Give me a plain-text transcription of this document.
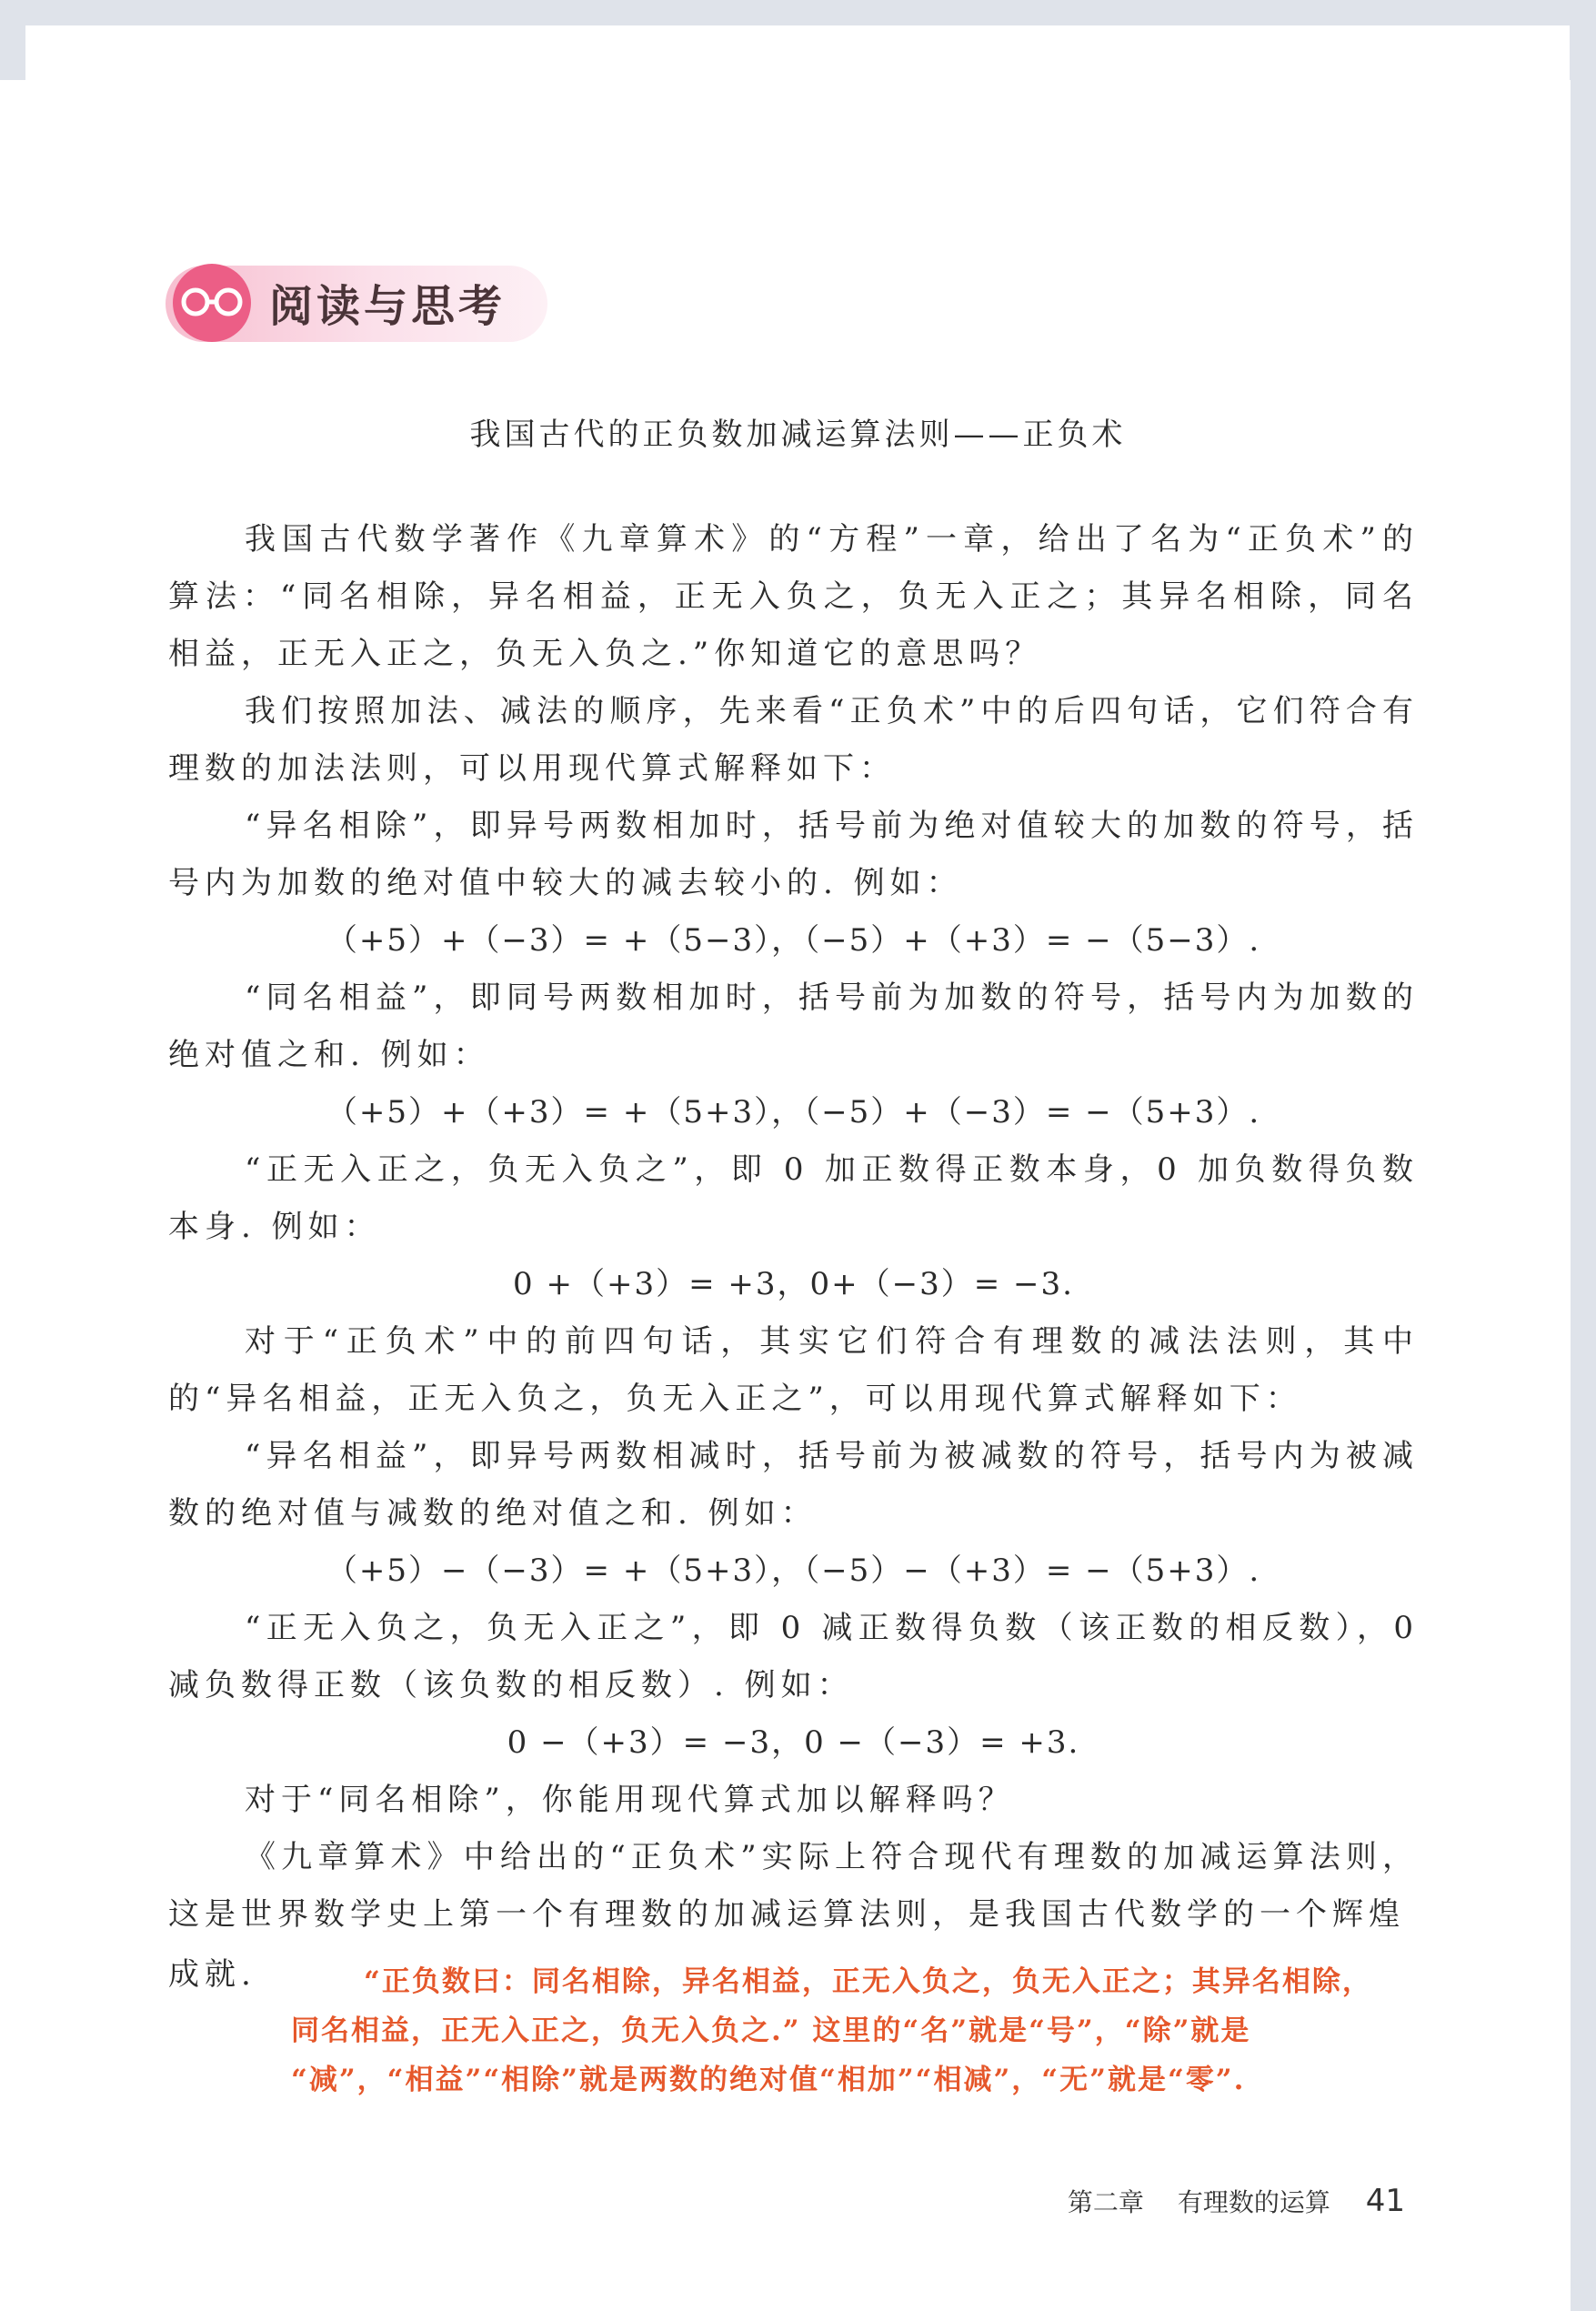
阅读与思考
我国古代的正负数加减运算法则——正负术

我国古代数学著作《九章算术》的“方程”一章，给出了名为“正负术”的算法：“同名相除，异名相益，正无入负之，负无入正之；其异名相除，同名相益，正无入正之，负无入负之.”你知道它的意思吗？

我们按照加法、减法的顺序，先来看“正负术”中的后四句话，它们符合有理数的加法法则，可以用现代算式解释如下：

“异名相除”，即异号两数相加时，括号前为绝对值较大的加数的符号，括号内为加数的绝对值中较大的减去较小的. 例如：

（+5）+（−3）= +（5−3），（−5）+（+3）= −（5−3）.

“同名相益”，即同号两数相加时，括号前为加数的符号，括号内为加数的绝对值之和. 例如：

（+5）+（+3）= +（5+3），（−5）+（−3）= −（5+3）.

“正无入正之，负无入负之”，即 0 加正数得正数本身，0 加负数得负数本身. 例如：

0 +（+3）= +3，0+（−3）= −3.

对于“正负术”中的前四句话，其实它们符合有理数的减法法则，其中的“异名相益，正无入负之，负无入正之”，可以用现代算式解释如下：

“异名相益”，即异号两数相减时，括号前为被减数的符号，括号内为被减数的绝对值与减数的绝对值之和. 例如：

（+5）−（−3）= +（5+3），（−5）−（+3）= −（5+3）.

“正无入负之，负无入正之”，即 0 减正数得负数（该正数的相反数），0 减负数得正数（该负数的相反数）. 例如：

0 −（+3）= −3，0 −（−3）= +3.

对于“同名相除”，你能用现代算式加以解释吗？

《九章算术》中给出的“正负术”实际上符合现代有理数的加减运算法则，这是世界数学史上第一个有理数的加减运算法则，是我国古代数学的一个辉煌

成就.	“正负数曰：同名相除，异名相益，正无入负之，负无入正之；其异名相除，
同名相益，正无入正之，负无入负之.” 这里的“名”就是“号”，“除”就是
“减”，“相益”“相除”就是两数的绝对值“相加”“相减”，“无”就是“零”.
第二章 有理数的运算 41
